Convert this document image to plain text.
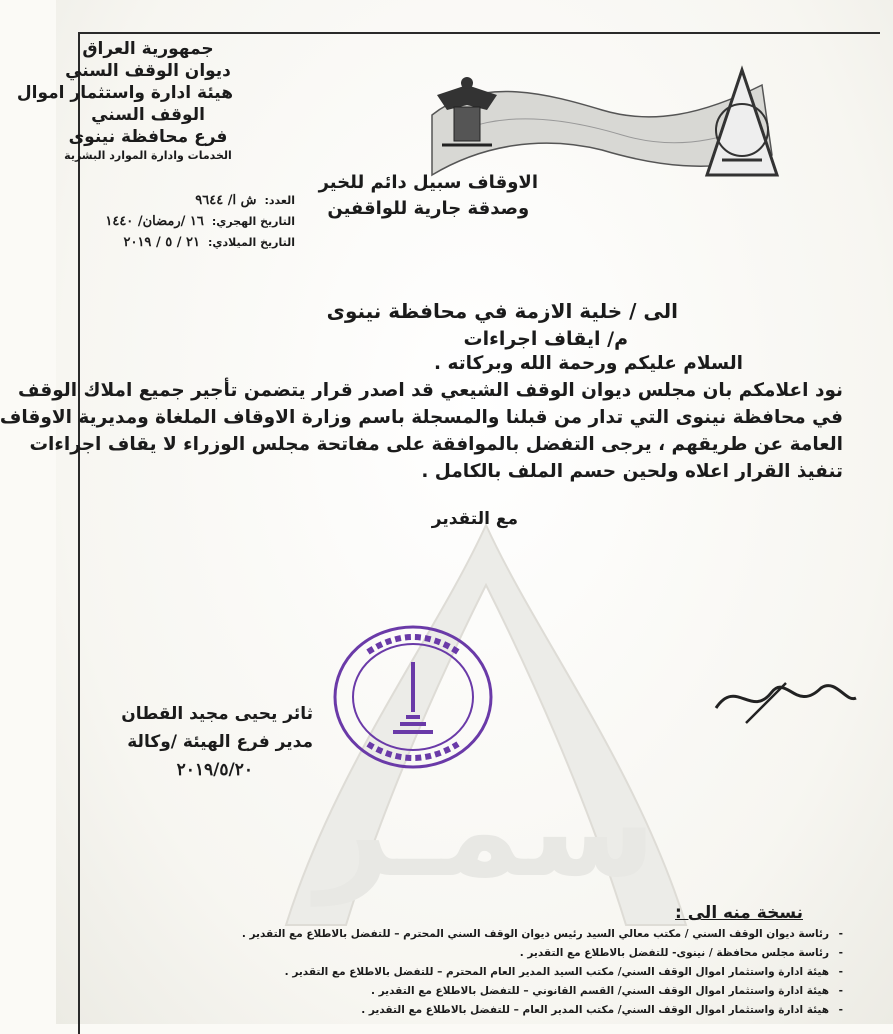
سمـر
جمهورية العراق
ديوان الوقف السني
هيئة ادارة واستثمار اموال
الوقف السني
فرع محافظة نينوى
الخدمات وادارة الموارد البشرية
العدد:ش ا/ ٩٦٤٤
التاريخ الهجري:١٦ /رمضان/ ١٤٤٠
التاريخ الميلادي:٢١ / ٥ / ٢٠١٩
الاوقاف سبيل دائم للخير
وصدقة جارية للواقفين
الى / خلية الازمة في محافظة نينوى
م/ ايقاف اجراءات

السلام عليكم ورحمة الله وبركاته .

نود اعلامكم بان مجلس ديوان الوقف الشيعي قد اصدر قرار يتضمن تأجير جميع املاك الوقف

في محافظة نينوى التي تدار من قبلنا والمسجلة باسم وزارة الاوقاف الملغاة ومديرية الاوقاف

العامة عن طريقهم ، يرجى التفضل بالموافقة على مفاتحة مجلس الوزراء لا يقاف اجراءات

تنفيذ القرار اعلاه ولحين حسم الملف بالكامل .

مع التقدير
ثائر يحيى مجيد القطان
مدير فرع الهيئة /وكالة
٢٠١٩/٥/٢٠
نسخة منه الى :
- رئاسة ديوان الوقف السني / مكتب معالي السيد رئيس ديوان الوقف السني المحترم – للتفضل بالاطلاع مع التقدير .
- رئاسة مجلس محافظة / نينوى- للتفضل بالاطلاع مع التقدير .
- هيئة ادارة واستثمار اموال الوقف السني/ مكتب السيد المدير العام المحترم – للتفضل بالاطلاع مع التقدير .
- هيئة ادارة واستثمار اموال الوقف السني/ القسم القانوني – للتفضل بالاطلاع مع التقدير .
- هيئة ادارة واستثمار اموال الوقف السني/ مكتب المدير العام – للتفضل بالاطلاع مع التقدير .
